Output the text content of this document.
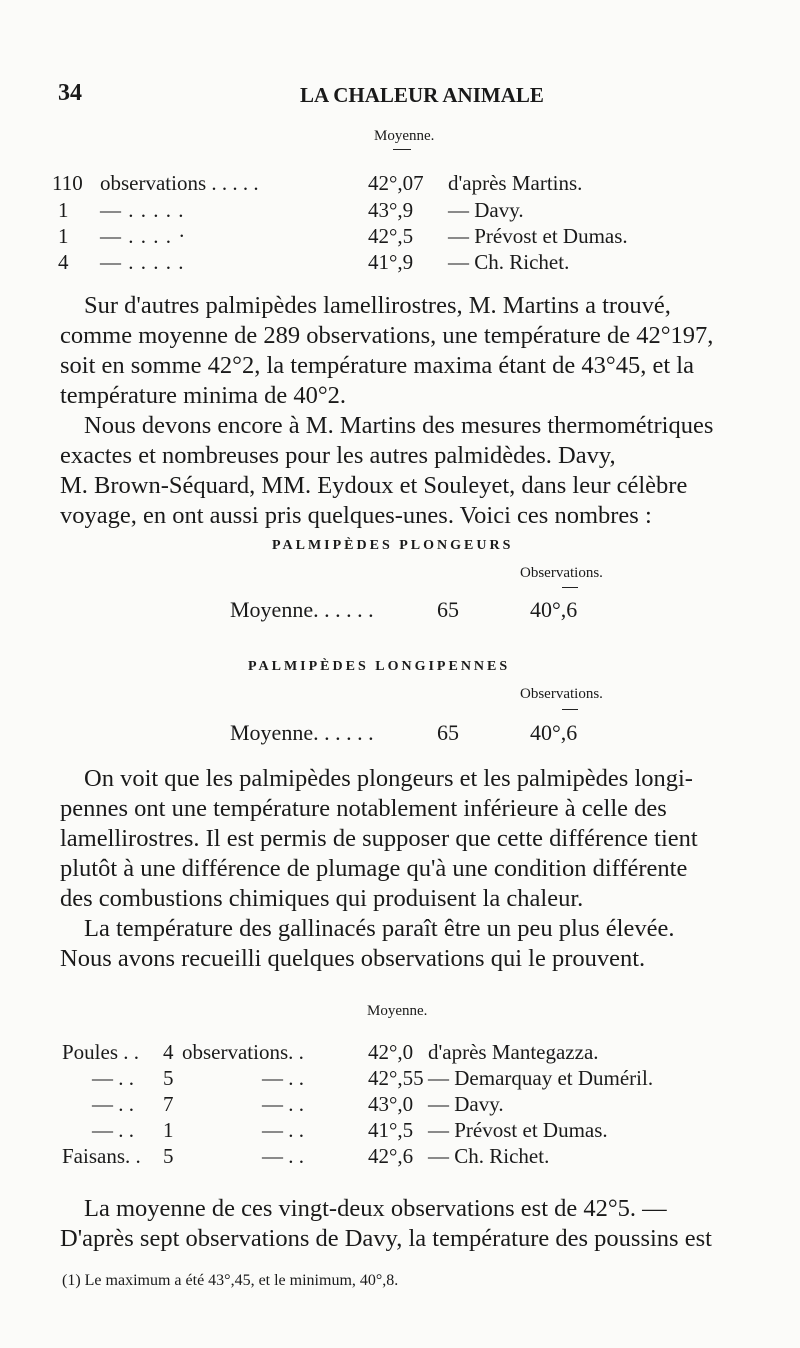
34	LA CHALEUR ANIMALE
Moyenne.
110 observations . . . . .	42°,07 d'après Martins.
1 — . . . . .	43°,9 — Davy.
1 — . . . . ·	42°,5 — Prévost et Dumas.
4 — . . . . .	41°,9 — Ch. Richet.

Sur d'autres palmipèdes lamellirostres, M. Martins a trouvé,

comme moyenne de 289 observations, une température de 42°197,

soit en somme 42°2, la température maxima étant de 43°45, et la

température minima de 40°2.

Nous devons encore à M. Martins des mesures thermométriques

exactes et nombreuses pour les autres palmidèdes. Davy,

M. Brown-Séquard, MM. Eydoux et Souleyet, dans leur célèbre

voyage, en ont aussi pris quelques-unes. Voici ces nombres :

PALMIPÈDES PLONGEURS
Observations.
Moyenne. . . . . .	65	40°,6
PALMIPÈDES LONGIPENNES
Observations.
Moyenne. . . . . .	65	40°,6

On voit que les palmipèdes plongeurs et les palmipèdes longi-

pennes ont une température notablement inférieure à celle des

lamellirostres. Il est permis de supposer que cette différence tient

plutôt à une différence de plumage qu'à une condition différente

des combustions chimiques qui produisent la chaleur.

La température des gallinacés paraît être un peu plus élevée.

Nous avons recueilli quelques observations qui le prouvent.

Moyenne.
Poules . . 4 observations. .	42°,0 d'après Mantegazza.
— . . 5	— . .	42°,55 — Demarquay et Duméril.
— . . 7	— . .	43°,0 — Davy.
— . . 1	— . .	41°,5 — Prévost et Dumas.
Faisans. . 5	— . .	42°,6 — Ch. Richet.

La moyenne de ces vingt-deux observations est de 42°5. —

D'après sept observations de Davy, la température des poussins est

(1) Le maximum a été 43°,45, et le minimum, 40°,8.
